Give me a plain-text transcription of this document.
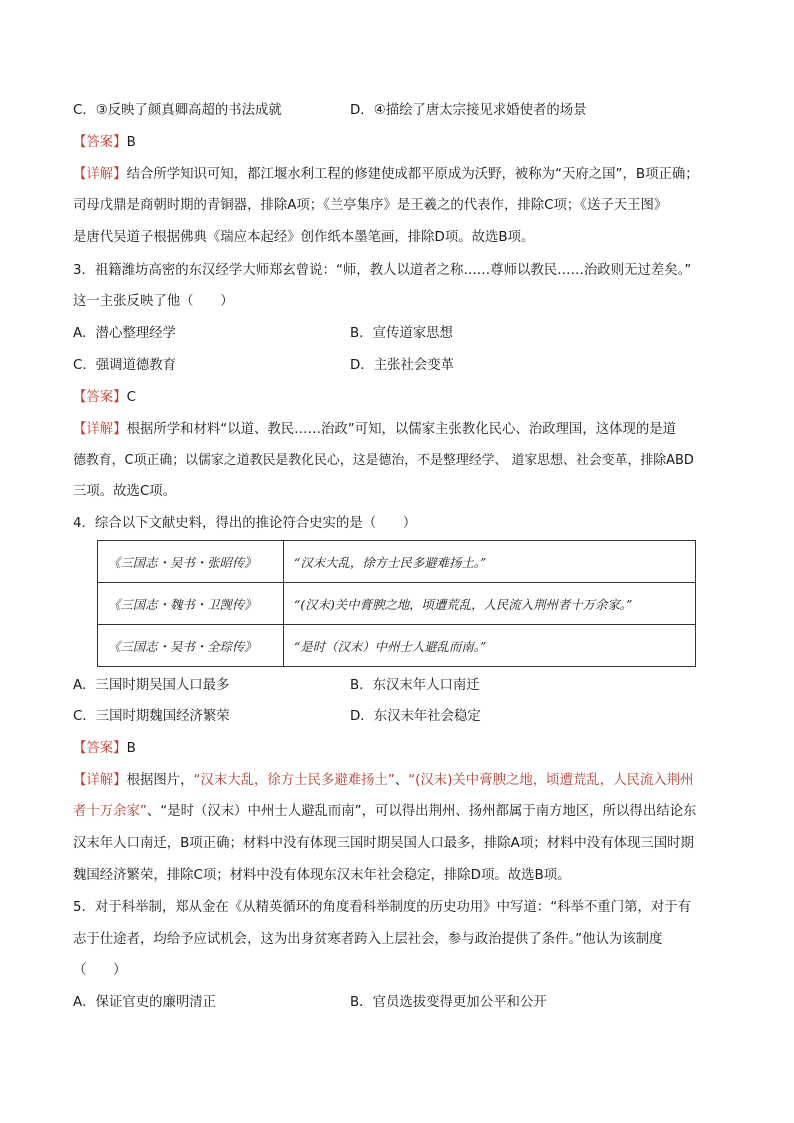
C．③反映了颜真卿高超的书法成就	D．④描绘了唐太宗接见求婚使者的场景
【答案】B
【详解】结合所学知识可知，都江堰水利工程的修建使成都平原成为沃野，被称为“天府之国”，B项正确；
司母戊鼎是商朝时期的青铜器，排除A项；《兰亭集序》是王羲之的代表作，排除C项；《送子天王图》
是唐代吴道子根据佛典《瑞应本起经》创作纸本墨笔画，排除D项。故选B项。
3．祖籍潍坊高密的东汉经学大师郑玄曾说：“师，教人以道者之称……尊师以教民……治政则无过差矣。”
这一主张反映了他（　　）
A．潜心整理经学	B．宣传道家思想
C．强调道德教育	D．主张社会变革
【答案】C
【详解】根据所学和材料“以道、教民……治政”可知，以儒家主张教化民心、治政理国，这体现的是道
德教育，C项正确；以儒家之道教民是教化民心，这是德治，不是整理经学、 道家思想、社会变革，排除ABD
三项。故选C项。
4．综合以下文献史料，得出的推论符合史实的是（　　）
《三国志・吴书・张昭传》	“汉末大乱，徐方士民多避难扬土。”
《三国志・魏书・卫觊传》	“(汉末)关中膏腴之地，顷遭荒乱，人民流入荆州者十万余家。”
《三国志・吴书・全琮传》	“是时（汉末）中州士人避乱而南。”
A．三国时期吴国人口最多	B．东汉末年人口南迁
C．三国时期魏国经济繁荣	D．东汉末年社会稳定
【答案】B
【详解】根据图片，“汉末大乱，徐方士民多避难扬土”、“(汉末)关中膏腴之地，顷遭荒乱，人民流入荆州
者十万余家”、“是时（汉末）中州士人避乱而南”，可以得出荆州、扬州都属于南方地区，所以得出结论东
汉末年人口南迁，B项正确；材料中没有体现三国时期吴国人口最多，排除A项；材料中没有体现三国时期
魏国经济繁荣，排除C项；材料中没有体现东汉末年社会稳定，排除D项。故选B项。
5．对于科举制，郑从金在《从精英循环的角度看科举制度的历史功用》中写道：“科举不重门第，对于有
志于仕途者，均给予应试机会，这为出身贫寒者跨入上层社会，参与政治提供了条件。”他认为该制度
（　　）
A．保证官吏的廉明清正	B．官员选拔变得更加公平和公开
